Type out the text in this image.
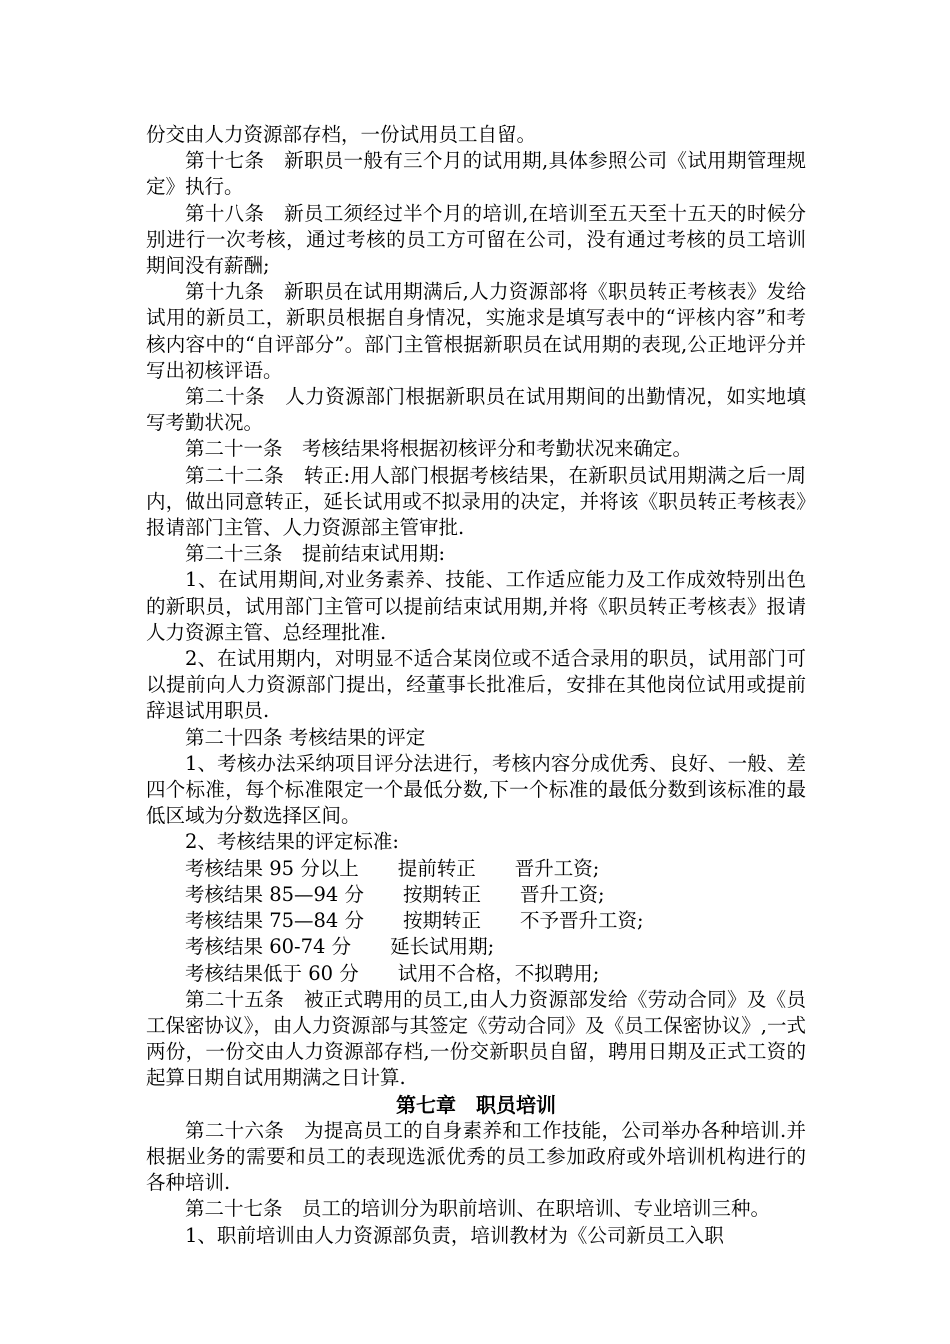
份交由人力资源部存档，一份试用员工自留。

第十七条　新职员一般有三个月的试用期,具体参照公司《试用期管理规定》执行。

第十八条　新员工须经过半个月的培训,在培训至五天至十五天的时候分别进行一次考核，通过考核的员工方可留在公司，没有通过考核的员工培训期间没有薪酬;

第十九条　新职员在试用期满后,人力资源部将《职员转正考核表》发给试用的新员工，新职员根据自身情况，实施求是填写表中的“评核内容”和考核内容中的“自评部分”。部门主管根据新职员在试用期的表现,公正地评分并写出初核评语。

第二十条　人力资源部门根据新职员在试用期间的出勤情况，如实地填写考勤状况。

第二十一条　考核结果将根据初核评分和考勤状况来确定。

第二十二条　转正:用人部门根据考核结果，在新职员试用期满之后一周内，做出同意转正，延长试用或不拟录用的决定，并将该《职员转正考核表》报请部门主管、人力资源部主管审批.

第二十三条　提前结束试用期:

1、在试用期间,对业务素养、技能、工作适应能力及工作成效特别出色的新职员，试用部门主管可以提前结束试用期,并将《职员转正考核表》报请人力资源主管、总经理批准.

2、在试用期内，对明显不适合某岗位或不适合录用的职员，试用部门可以提前向人力资源部门提出，经董事长批准后，安排在其他岗位试用或提前辞退试用职员.

第二十四条 考核结果的评定

1、考核办法采纳项目评分法进行，考核内容分成优秀、良好、一般、差四个标准，每个标准限定一个最低分数,下一个标准的最低分数到该标准的最低区域为分数选择区间。

2、考核结果的评定标准:

考核结果 95 分以上　　提前转正　　晋升工资;

考核结果 85—94 分　　按期转正　　晋升工资;

考核结果 75—84 分　　按期转正　　不予晋升工资;

考核结果 60-74 分　　延长试用期;

考核结果低于 60 分　　试用不合格，不拟聘用;

第二十五条　被正式聘用的员工,由人力资源部发给《劳动合同》及《员工保密协议》，由人力资源部与其签定《劳动合同》及《员工保密协议》,一式两份，一份交由人力资源部存档,一份交新职员自留，聘用日期及正式工资的起算日期自试用期满之日计算.

第七章　职员培训

第二十六条　为提高员工的自身素养和工作技能，公司举办各种培训.并根据业务的需要和员工的表现选派优秀的员工参加政府或外培训机构进行的各种培训.

第二十七条　员工的培训分为职前培训、在职培训、专业培训三种。

1、职前培训由人力资源部负责，培训教材为《公司新员工入职
